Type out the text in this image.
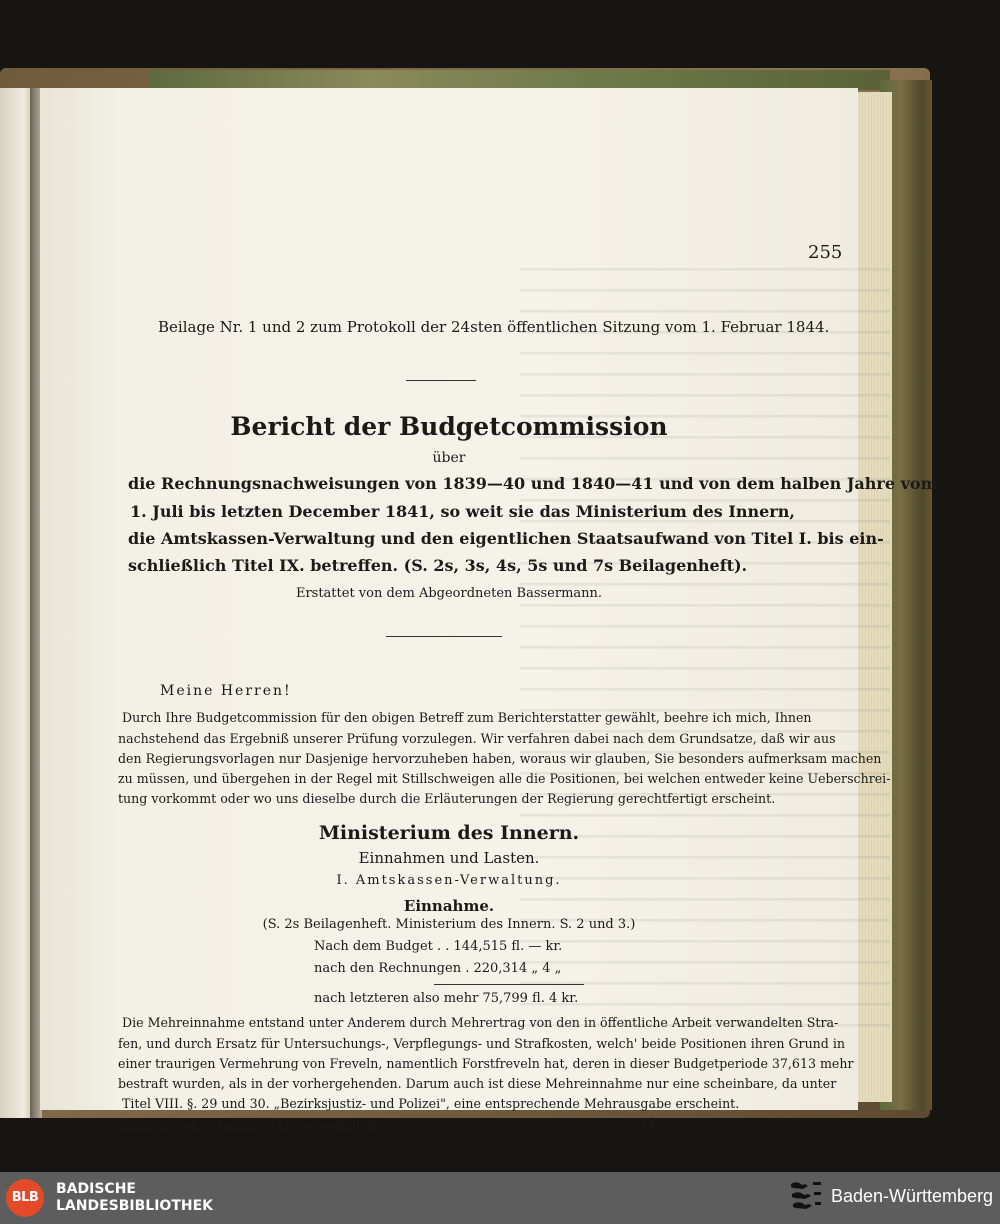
255
Beilage Nr. 1 und 2 zum Protokoll der 24sten öffentlichen Sitzung vom 1. Februar 1844.
Bericht der Budgetcommission
über
die Rechnungsnachweisungen von 1839—40 und 1840—41 und von dem halben Jahre vom
1. Juli bis letzten December 1841, so weit sie das Ministerium des Innern,
die Amtskassen-Verwaltung und den eigentlichen Staatsaufwand von Titel I. bis ein-
schließlich Titel IX. betreffen. (S. 2s, 3s, 4s, 5s und 7s Beilagenheft).
Erstattet von dem Abgeordneten Bassermann.
Meine Herren!
Durch Ihre Budgetcommission für den obigen Betreff zum Berichterstatter gewählt, beehre ich mich, Ihnen
nachstehend das Ergebniß unserer Prüfung vorzulegen. Wir verfahren dabei nach dem Grundsatze, daß wir aus
den Regierungsvorlagen nur Dasjenige hervorzuheben haben, woraus wir glauben, Sie besonders aufmerksam machen
zu müssen, und übergehen in der Regel mit Stillschweigen alle die Positionen, bei welchen entweder keine Ueberschrei-
tung vorkommt oder wo uns dieselbe durch die Erläuterungen der Regierung gerechtfertigt erscheint.
Ministerium des Innern.
Einnahmen und Lasten.
I. Amtskassen-Verwaltung.
Einnahme.
(S. 2s Beilagenheft. Ministerium des Innern. S. 2 und 3.)
Nach dem Budget . . 144,515 fl. — kr.
nach den Rechnungen . 220,314 „ 4 „
nach letzteren also mehr 75,799 fl. 4 kr.
Die Mehreinnahme entstand unter Anderem durch Mehrertrag von den in öffentliche Arbeit verwandelten Stra-
fen, und durch Ersatz für Untersuchungs-, Verpflegungs- und Strafkosten, welch' beide Positionen ihren Grund in
einer traurigen Vermehrung von Freveln, namentlich Forstfreveln hat, deren in dieser Budgetperiode 37,613 mehr
bestraft wurden, als in der vorhergehenden. Darum auch ist diese Mehreinnahme nur eine scheinbare, da unter
Titel VIII. §. 29 und 30. „Bezirksjustiz- und Polizei", eine entsprechende Mehrausgabe erscheint.
Verhandlungen d. 2. Kammer 1843.44. 8s Beilghft.	44
BLB
BADISCHE
LANDESBIBLIOTHEK	Baden-Württemberg
